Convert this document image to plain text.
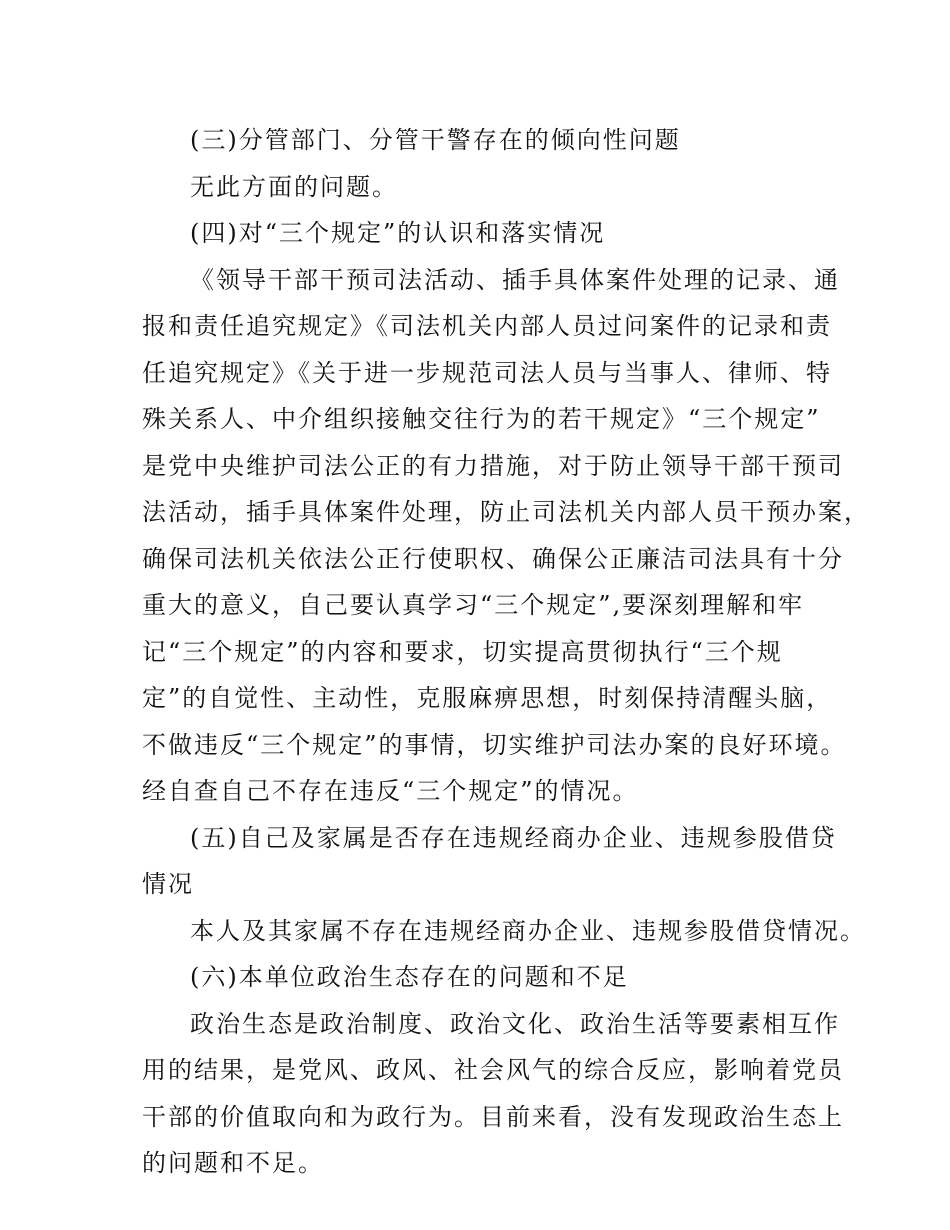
(三)分管部门、分管干警存在的倾向性问题

无此方面的问题。

(四)对“三个规定”的认识和落实情况

《领导干部干预司法活动、插手具体案件处理的记录、通
报和责任追究规定》《司法机关内部人员过问案件的记录和责
任追究规定》《关于进一步规范司法人员与当事人、律师、特
殊关系人、中介组织接触交往行为的若干规定》“三个规定”
是党中央维护司法公正的有力措施，对于防止领导干部干预司
法活动，插手具体案件处理，防止司法机关内部人员干预办案，
确保司法机关依法公正行使职权、确保公正廉洁司法具有十分
重大的意义，自己要认真学习“三个规定”,要深刻理解和牢
记“三个规定”的内容和要求，切实提高贯彻执行“三个规
定”的自觉性、主动性，克服麻痹思想，时刻保持清醒头脑，
不做违反“三个规定”的事情，切实维护司法办案的良好环境。
经自查自己不存在违反“三个规定”的情况。

(五)自己及家属是否存在违规经商办企业、违规参股借贷
情况

本人及其家属不存在违规经商办企业、违规参股借贷情况。

(六)本单位政治生态存在的问题和不足

政治生态是政治制度、政治文化、政治生活等要素相互作
用的结果，是党风、政风、社会风气的综合反应，影响着党员
干部的价值取向和为政行为。目前来看，没有发现政治生态上
的问题和不足。
